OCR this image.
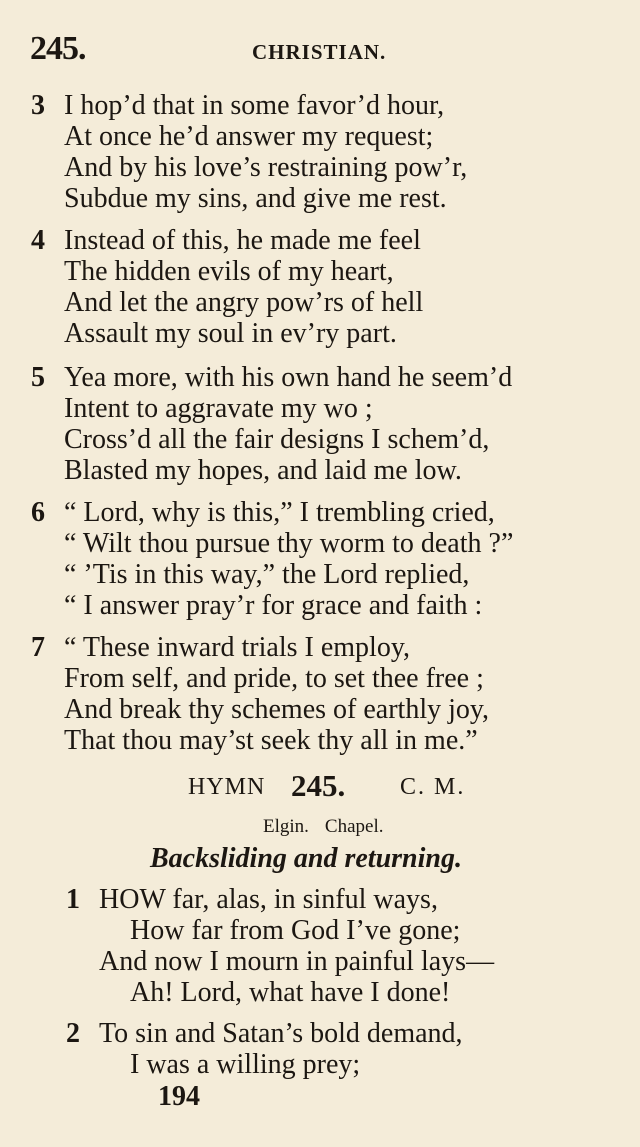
245.	CHRISTIAN.
3 I hop’d that in some favor’d hour,
At once he’d answer my request;
And by his love’s restraining pow’r,
Subdue my sins, and give me rest.
4 Instead of this, he made me feel
The hidden evils of my heart,
And let the angry pow’rs of hell
Assault my soul in ev’ry part.
5 Yea more, with his own hand he seem’d
Intent to aggravate my wo ;
Cross’d all the fair designs I schem’d,
Blasted my hopes, and laid me low.
6 “ Lord, why is this,” I trembling cried,
“ Wilt thou pursue thy worm to death ?”
“ ’Tis in this way,” the Lord replied,
“ I answer pray’r for grace and faith :
7 “ These inward trials I employ,
From self, and pride, to set thee free ;
And break thy schemes of earthly joy,
That thou may’st seek thy all in me.”
HYMN 245. C. M.
Elgin. Chapel.
Backsliding and returning.
1 HOW far, alas, in sinful ways,
How far from God I’ve gone;
And now I mourn in painful lays—
Ah! Lord, what have I done!
2 To sin and Satan’s bold demand,
I was a willing prey;
194
